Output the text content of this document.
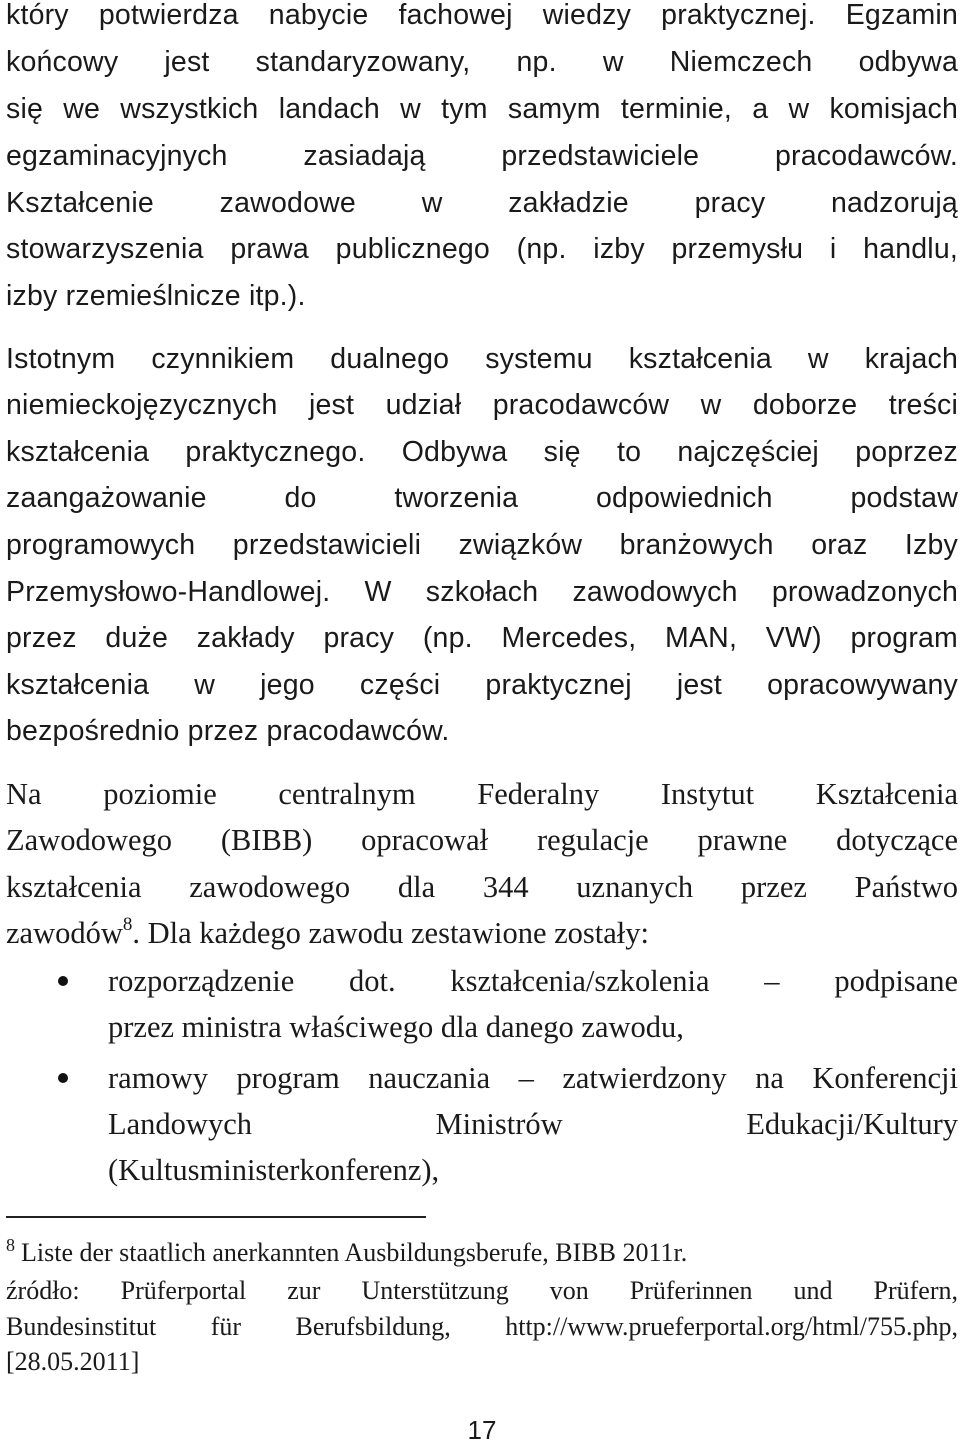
który potwierdza nabycie fachowej wiedzy praktycznej. Egzamin
końcowy jest standaryzowany, np. w Niemczech odbywa
się we wszystkich landach w tym samym terminie, a w komisjach
egzaminacyjnych zasiadają przedstawiciele pracodawców.
Kształcenie zawodowe w zakładzie pracy nadzorują
stowarzyszenia prawa publicznego (np. izby przemysłu i handlu,
izby rzemieślnicze itp.).
Istotnym czynnikiem dualnego systemu kształcenia w krajach
niemieckojęzycznych jest udział pracodawców w doborze treści
kształcenia praktycznego. Odbywa się to najczęściej poprzez
zaangażowanie do tworzenia odpowiednich podstaw
programowych przedstawicieli związków branżowych oraz Izby
Przemysłowo-Handlowej. W szkołach zawodowych prowadzonych
przez duże zakłady pracy (np. Mercedes, MAN, VW) program
kształcenia w jego części praktycznej jest opracowywany
bezpośrednio przez pracodawców.
Na poziomie centralnym Federalny Instytut Kształcenia
Zawodowego (BIBB) opracował regulacje prawne dotyczące
kształcenia zawodowego dla 344 uznanych przez Państwo
zawodów$^8$. Dla każdego zawodu zestawione zostały:
rozporządzenie dot. kształcenia/szkolenia – podpisane
przez ministra właściwego dla danego zawodu,
ramowy program nauczania – zatwierdzony na Konferencji
Landowych Ministrów Edukacji/Kultury
(Kultusministerkonferenz),
$^8$ Liste der staatlich anerkannten Ausbildungsberufe, BIBB 2011r.
źródło: Prüferportal zur Unterstützung von Prüferinnen und Prüfern,
Bundesinstitut für Berufsbildung, http://www.prueferportal.org/html/755.php,
[28.05.2011]
17
